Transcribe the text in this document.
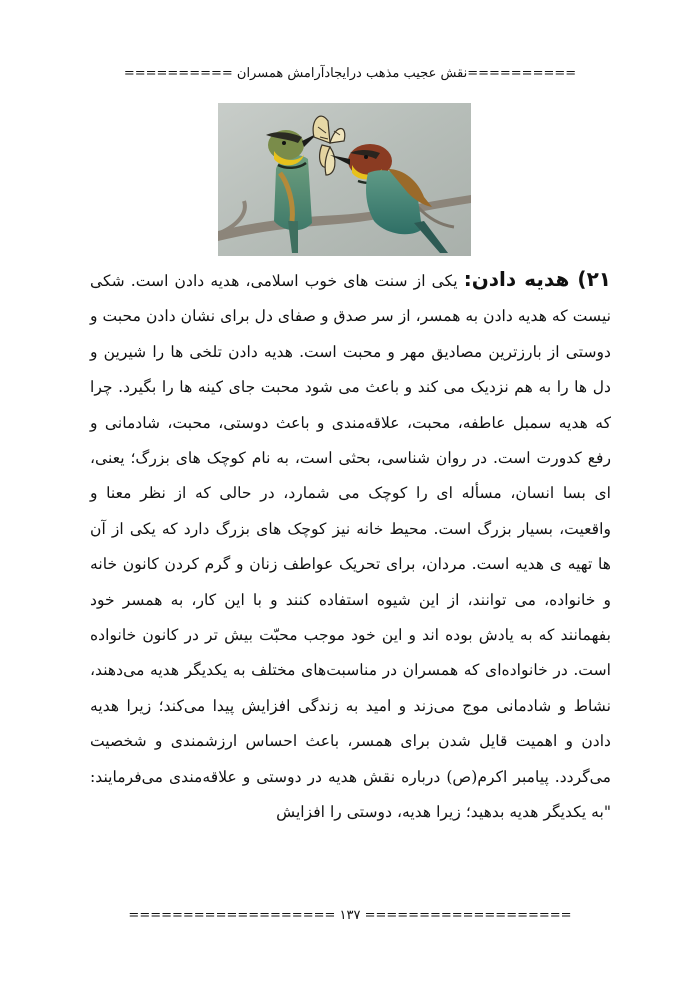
==========نقش عجیب مذهب درایجادآرامش همسران ==========
۲۱) هدیه دادن: یکی از سنت های خوب اسلامی، هدیه دادن است. شکی نیست که هدیه دادن به همسر، از سر صدق و صفای دل برای نشان دادن محبت و دوستی از بارزترین مصادیق مهر و محبت است. هدیه دادن تلخی ها را شیرین و دل ها را به هم نزدیک می کند و باعث می شود محبت جای کینه ها را بگیرد. چرا که هدیه سمبل عاطفه، محبت، علاقه‌مندی و باعث دوستی، محبت، شادمانی و رفع کدورت است. در روان شناسی، بحثی است، به نام کوچک های بزرگ؛ یعنی، ای بسا انسان، مسأله ای را کوچک می شمارد، در حالی که از نظر معنا و واقعیت، بسیار بزرگ است. محیط خانه نیز کوچک های بزرگ دارد که یکی از آن ها تهیه ی هدیه است. مردان، برای تحریک عواطف زنان و گرم کردن کانون خانه و خانواده، می توانند، از این شیوه استفاده کنند و با این کار، به همسر خود بفهمانند که به یادش بوده اند و این خود موجب محبّت بیش تر در کانون خانواده است. در خانواده‌ای که همسران در مناسبت‌های مختلف به یکدیگر هدیه می‌دهند، نشاط و شادمانی موج می‌زند و امید به زندگی افزایش پیدا می‌کند؛ زیرا هدیه دادن و اهمیت قایل شدن برای همسر، باعث احساس ارزشمندی و شخصیت می‌گردد. پیامبر اکرم(ص) درباره نقش هدیه در دوستی و علاقه‌مندی می‌فرمایند: "به یکدیگر هدیه بدهید؛ زیرا هدیه، دوستی را افزایش
=================== ۱۳۷ ===================
